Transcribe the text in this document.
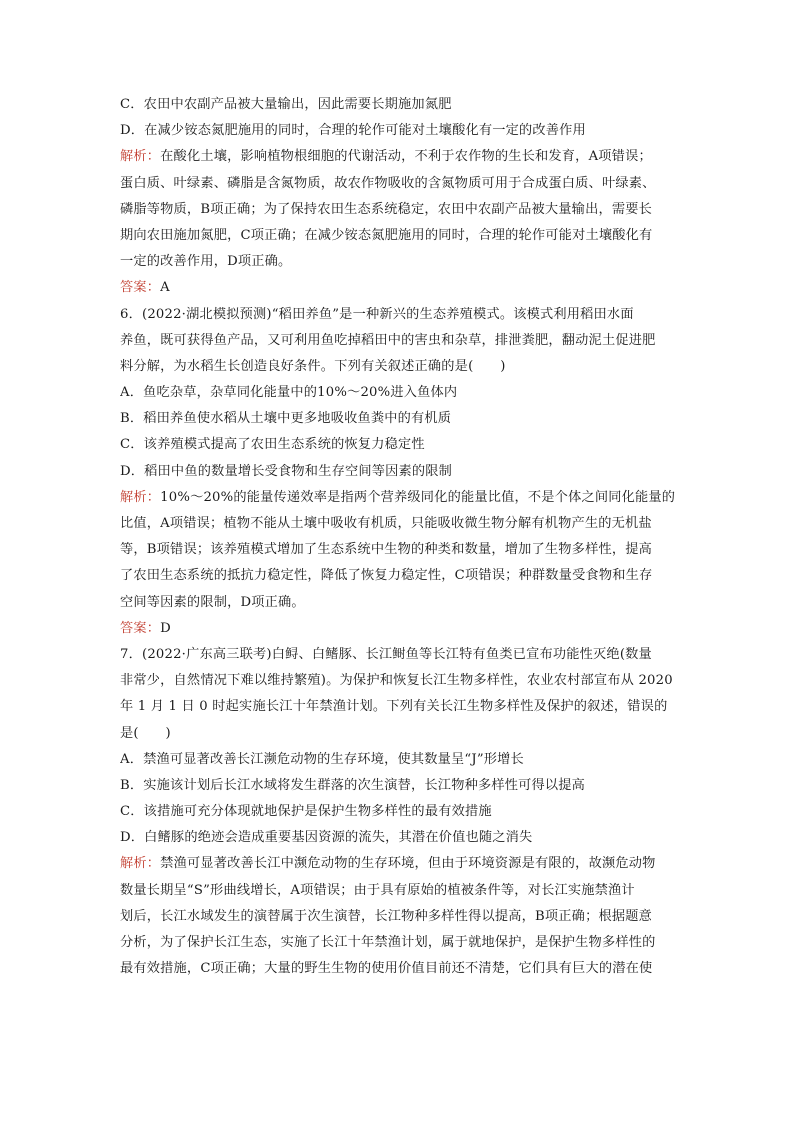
C．农田中农副产品被大量输出，因此需要长期施加氮肥
D．在减少铵态氮肥施用的同时，合理的轮作可能对土壤酸化有一定的改善作用
解析：在酸化土壤，影响植物根细胞的代谢活动，不利于农作物的生长和发育，A项错误；
蛋白质、叶绿素、磷脂是含氮物质，故农作物吸收的含氮物质可用于合成蛋白质、叶绿素、
磷脂等物质，B项正确；为了保持农田生态系统稳定，农田中农副产品被大量输出，需要长
期向农田施加氮肥，C项正确；在减少铵态氮肥施用的同时，合理的轮作可能对土壤酸化有
一定的改善作用，D项正确。
答案：A
6．(2022·湖北模拟预测)“稻田养鱼”是一种新兴的生态养殖模式。该模式利用稻田水面
养鱼，既可获得鱼产品，又可利用鱼吃掉稻田中的害虫和杂草，排泄粪肥，翻动泥土促进肥
料分解，为水稻生长创造良好条件。下列有关叙述正确的是(　　)
A．鱼吃杂草，杂草同化能量中的10%～20%进入鱼体内
B．稻田养鱼使水稻从土壤中更多地吸收鱼粪中的有机质
C．该养殖模式提高了农田生态系统的恢复力稳定性
D．稻田中鱼的数量增长受食物和生存空间等因素的限制
解析：10%～20%的能量传递效率是指两个营养级同化的能量比值，不是个体之间同化能量的
比值，A项错误；植物不能从土壤中吸收有机质，只能吸收微生物分解有机物产生的无机盐
等，B项错误；该养殖模式增加了生态系统中生物的种类和数量，增加了生物多样性，提高
了农田生态系统的抵抗力稳定性，降低了恢复力稳定性，C项错误；种群数量受食物和生存
空间等因素的限制，D项正确。
答案：D
7．(2022·广东高三联考)白鲟、白鳍豚、长江鲥鱼等长江特有鱼类已宣布功能性灭绝(数量
非常少，自然情况下难以维持繁殖)。为保护和恢复长江生物多样性，农业农村部宣布从 2020
年 1 月 1 日 0 时起实施长江十年禁渔计划。下列有关长江生物多样性及保护的叙述，错误的
是(　　)
A．禁渔可显著改善长江濒危动物的生存环境，使其数量呈“J”形增长
B．实施该计划后长江水域将发生群落的次生演替，长江物种多样性可得以提高
C．该措施可充分体现就地保护是保护生物多样性的最有效措施
D．白鳍豚的绝迹会造成重要基因资源的流失，其潜在价值也随之消失
解析：禁渔可显著改善长江中濒危动物的生存环境，但由于环境资源是有限的，故濒危动物
数量长期呈“S”形曲线增长，A项错误；由于具有原始的植被条件等，对长江实施禁渔计
划后，长江水域发生的演替属于次生演替，长江物种多样性得以提高，B项正确；根据题意
分析，为了保护长江生态，实施了长江十年禁渔计划，属于就地保护，是保护生物多样性的
最有效措施，C项正确；大量的野生生物的使用价值目前还不清楚，它们具有巨大的潜在使
